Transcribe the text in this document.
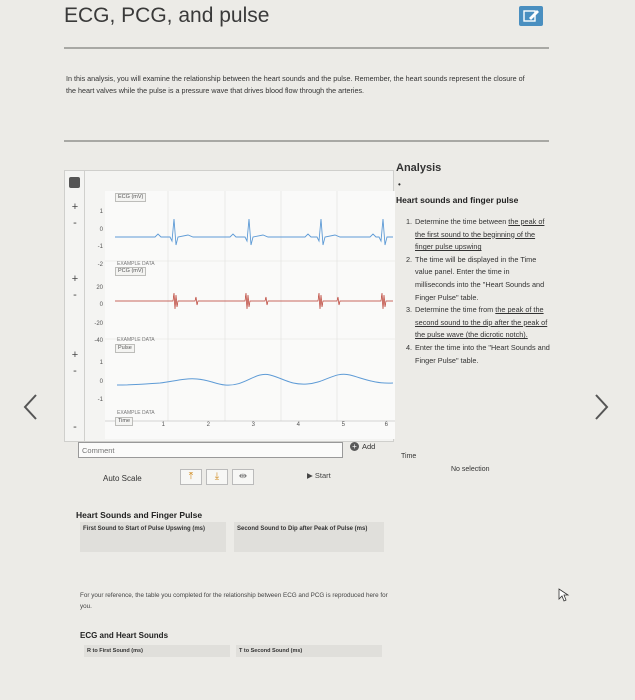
ECG, PCG, and pulse
In this analysis, you will examine the relationship between the heart sounds and the pulse. Remember, the heart sounds represent the closure of the heart valves while the pulse is a pressure wave that drives blood flow through the arteries.
+
-
+
-
+
-
-
ECG (mV)
EXAMPLE DATA
PCG (mV)
EXAMPLE DATA
Pulse
EXAMPLE DATA
1
0
-1
-2
20
0
-20
-40
1
0
-1
Time
1	2	3	4	5	6
Comment
+ Add
Auto Scale	⤒	⤓	⇹	▶ Start
Analysis
•
Heart sounds and finger pulse
1. Determine the time between the peak of the first sound to the beginning of the finger pulse upswing
2. The time will be displayed in the Time value panel. Enter the time in milliseconds into the "Heart Sounds and Finger Pulse" table.
3. Determine the time from the peak of the second sound to the dip after the peak of the pulse wave (the dicrotic notch).
4. Enter the time into the "Heart Sounds and Finger Pulse" table.
Time
No selection
Heart Sounds and Finger Pulse
First Sound to Start of Pulse Upswing (ms)	Second Sound to Dip after Peak of Pulse (ms)
For your reference, the table you completed for the relationship between ECG and PCG is reproduced here for you.
ECG and Heart Sounds
R to First Sound (ms)	T to Second Sound (ms)
